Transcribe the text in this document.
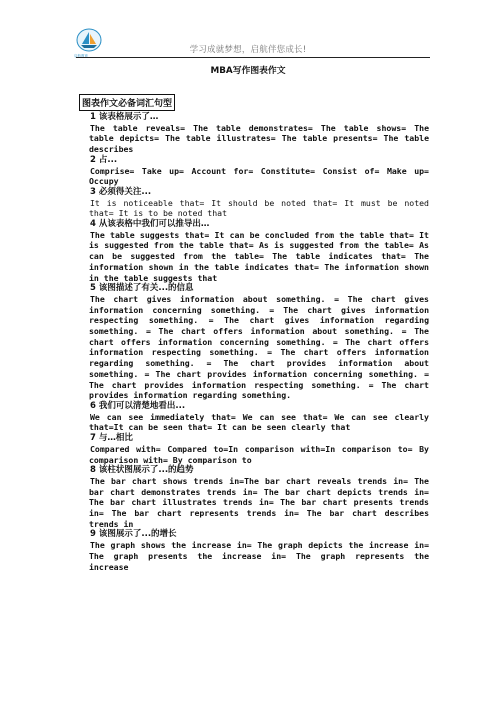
启航教育
学习成就梦想，启航伴您成长!
MBA写作图表作文
图表作文必备词汇句型
1 该表格展示了…
The table reveals= The table demonstrates= The table shows= The table depicts= The table illustrates= The table presents= The table describes
2 占...
Comprise= Take up= Account for= Constitute= Consist of= Make up= Occupy
3 必须得关注...
It is noticeable that= It should be noted that= It must be noted that= It is to be noted that
4 从该表格中我们可以推导出…
The table suggests that= It can be concluded from the table that= It is suggested from the table that= As is suggested from the table= As can be suggested from the table= The table indicates that= The information shown in the table indicates that= The information shown in the table suggests that
5 该图描述了有关...的信息
The chart gives information about something. = The chart gives information concerning something. = The chart gives information respecting something. = The chart gives information regarding something. = The chart offers information about something. = The chart offers information concerning something. = The chart offers information respecting something. = The chart offers information regarding something. = The chart provides information about something. = The chart provides information concerning something. = The chart provides information respecting something. = The chart provides information regarding something.
6 我们可以清楚地看出...
We can see immediately that= We can see that= We can see clearly that=It can be seen that= It can be seen clearly that
7 与…相比
Compared with= Compared to=In comparison with=In comparison to= By comparison with= By comparison to
8 该柱状图展示了...的趋势
The bar chart shows trends in=The bar chart reveals trends in= The bar chart demonstrates trends in= The bar chart depicts trends in= The bar chart illustrates trends in= The bar chart presents trends in= The bar chart represents trends in= The bar chart describes trends in
9 该图展示了...的增长
The graph shows the increase in= The graph depicts the increase in= The graph presents the increase in= The graph represents the increase
